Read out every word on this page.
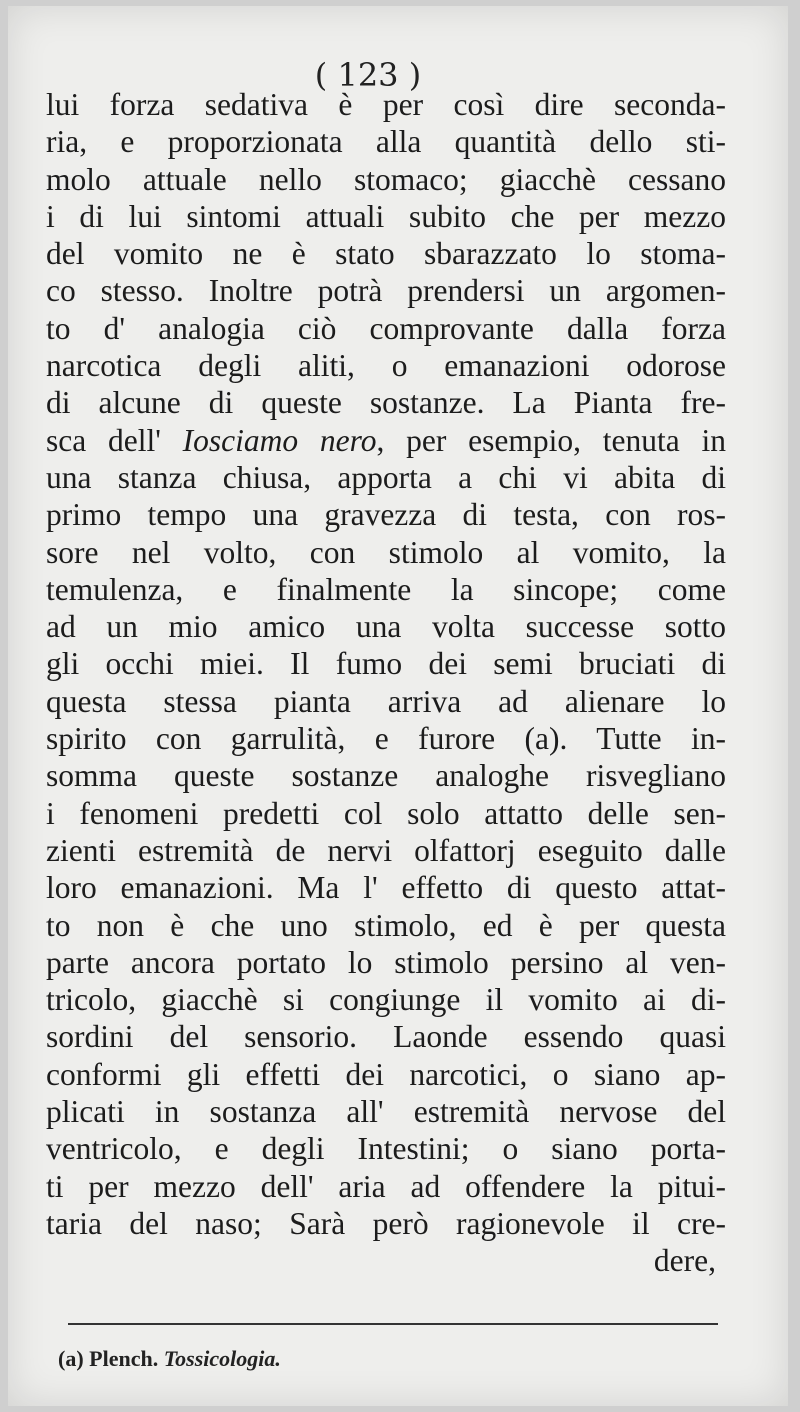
( 123 )
lui forza sedativa è per così dire seconda-
ria, e proporzionata alla quantità dello sti-
molo attuale nello stomaco; giacchè cessano
i di lui sintomi attuali subito che per mezzo
del vomito ne è stato sbarazzato lo stoma-
co stesso. Inoltre potrà prendersi un argomen-
to d' analogia ciò comprovante dalla forza
narcotica degli aliti, o emanazioni odorose
di alcune di queste sostanze. La Pianta fre-
sca dell' Iosciamo nero, per esempio, tenuta in
una stanza chiusa, apporta a chi vi abita di
primo tempo una gravezza di testa, con ros-
sore nel volto, con stimolo al vomito, la
temulenza, e finalmente la sincope; come
ad un mio amico una volta successe sotto
gli occhi miei. Il fumo dei semi bruciati di
questa stessa pianta arriva ad alienare lo
spirito con garrulità, e furore (a). Tutte in-
somma queste sostanze analoghe risvegliano
i fenomeni predetti col solo attatto delle sen-
zienti estremità de nervi olfattorj eseguito dalle
loro emanazioni. Ma l' effetto di questo attat-
to non è che uno stimolo, ed è per questa
parte ancora portato lo stimolo persino al ven-
tricolo, giacchè si congiunge il vomito ai di-
sordini del sensorio. Laonde essendo quasi
conformi gli effetti dei narcotici, o siano ap-
plicati in sostanza all' estremità nervose del
ventricolo, e degli Intestini; o siano porta-
ti per mezzo dell' aria ad offendere la pitui-
taria del naso; Sarà però ragionevole il cre-
dere,
(a) Plench. Tossicologia.
